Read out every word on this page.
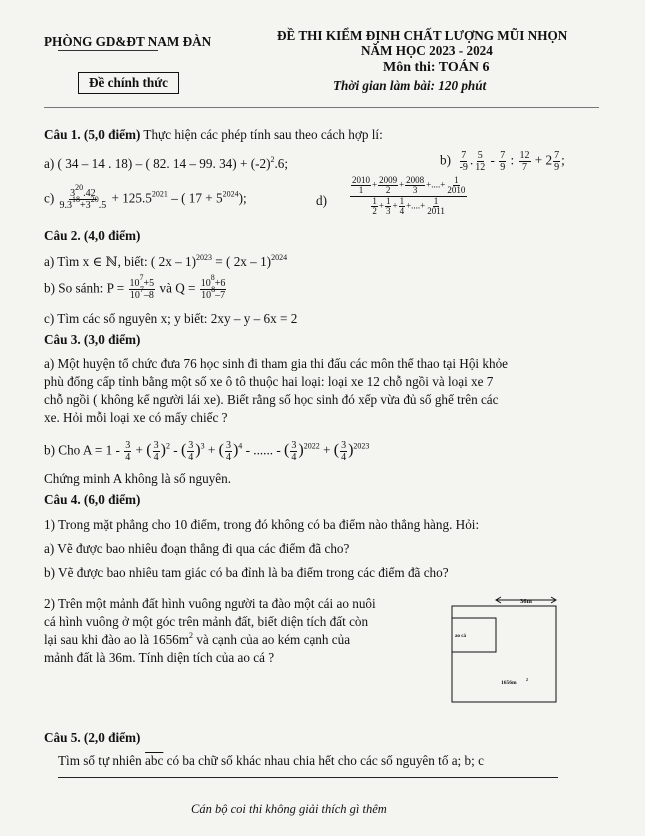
PHÒNG GD&ĐT NAM ĐÀN	ĐỀ THI KIỂM ĐỊNH CHẤT LƯỢNG MŨI NHỌN
NĂM HỌC 2023 - 2024
Môn thi: TOÁN 6
Đề chính thức	Thời gian làm bài: 120 phút
Câu 1. (5,0 điểm) Thực hiện các phép tính sau theo cách hợp lí:
a) ( 34 – 14 . 18) – ( 82. 14 – 99. $34) + (-2)^2.6$;	$b) \frac{7}{-9}$ . $\frac{5}{12} - \frac{7}{9}$ : $\frac{12}{7} + 2 \frac{7}{9}$ ;
$c) \frac{3^{20}.42}{9.3^{18}+3^{20}.5} + 125.5^{2021}$ – ( $17 + 5^{2024}$);	d)	$\frac{\frac{2010}{1} + \frac{2009}{2} + \frac{2008}{3} +....+ \frac{1}{2010}}{\frac{1}{2} + \frac{1}{3} + \frac{1}{4} +....+ \frac{1}{2011}}$
Câu 2. (4,0 điểm)
a) Tìm x ∈ ℕ, biết: ( 2x – 1)$^{2023}$ = ( 2x – 1)$^{2024}$
b) So sánh: $P = \frac{10^7+5}{10^7-8}$ và $Q = \frac{10^8+6}{10^8-7}$
c) Tìm các số nguyên x; y biết: 2xy – y – 6x = 2
Câu 3. (3,0 điểm)
a) Một huyện tổ chức đưa 76 học sinh đi tham gia thi đấu các môn thể thao tại Hội khỏe
phù đổng cấp tỉnh bằng một số xe ô tô thuộc hai loại: loại xe 12 chỗ ngồi và loại xe 7
chỗ ngồi ( không kể người lái xe). Biết rằng số học sinh đó xếp vừa đủ số ghế trên các
xe. Hỏi mỗi loại xe có mấy chiếc ?
b) Cho $A = 1 - \frac{3}{4}$ + ( $\frac{3}{4} )^2$ - ( $\frac{3}{4} )^3$ + ( $\frac{3}{4} )^4$ - ...... - ( $\frac{3}{4} )^{2022}$ + ( $\frac{3}{4} )^{2023}$
Chứng minh A không là số nguyên.
Câu 4. (6,0 điểm)
1) Trong mặt phẳng cho 10 điểm, trong đó không có ba điểm nào thẳng hàng. Hỏi:
a) Vẽ được bao nhiêu đoạn thẳng đi qua các điểm đã cho?
b) Vẽ được bao nhiêu tam giác có ba đỉnh là ba điểm trong các điểm đã cho?
2) Trên một mảnh đất hình vuông người ta đào một cái ao nuôi
cá hình vuông ở một góc trên mảnh đất, biết diện tích đất còn
lại sau khi đào ao là $1656m^2$ và cạnh của ao kém cạnh của
mảnh đất là 36m. Tính diện tích của ao cá ?
36m
ao cá
1656m
2
Câu 5. (2,0 điểm)
Tìm số tự nhiên $\overline{abc}$ có ba chữ số khác nhau chia hết cho các số nguyên tố a; b; c
Cán bộ coi thi không giải thích gì thêm
